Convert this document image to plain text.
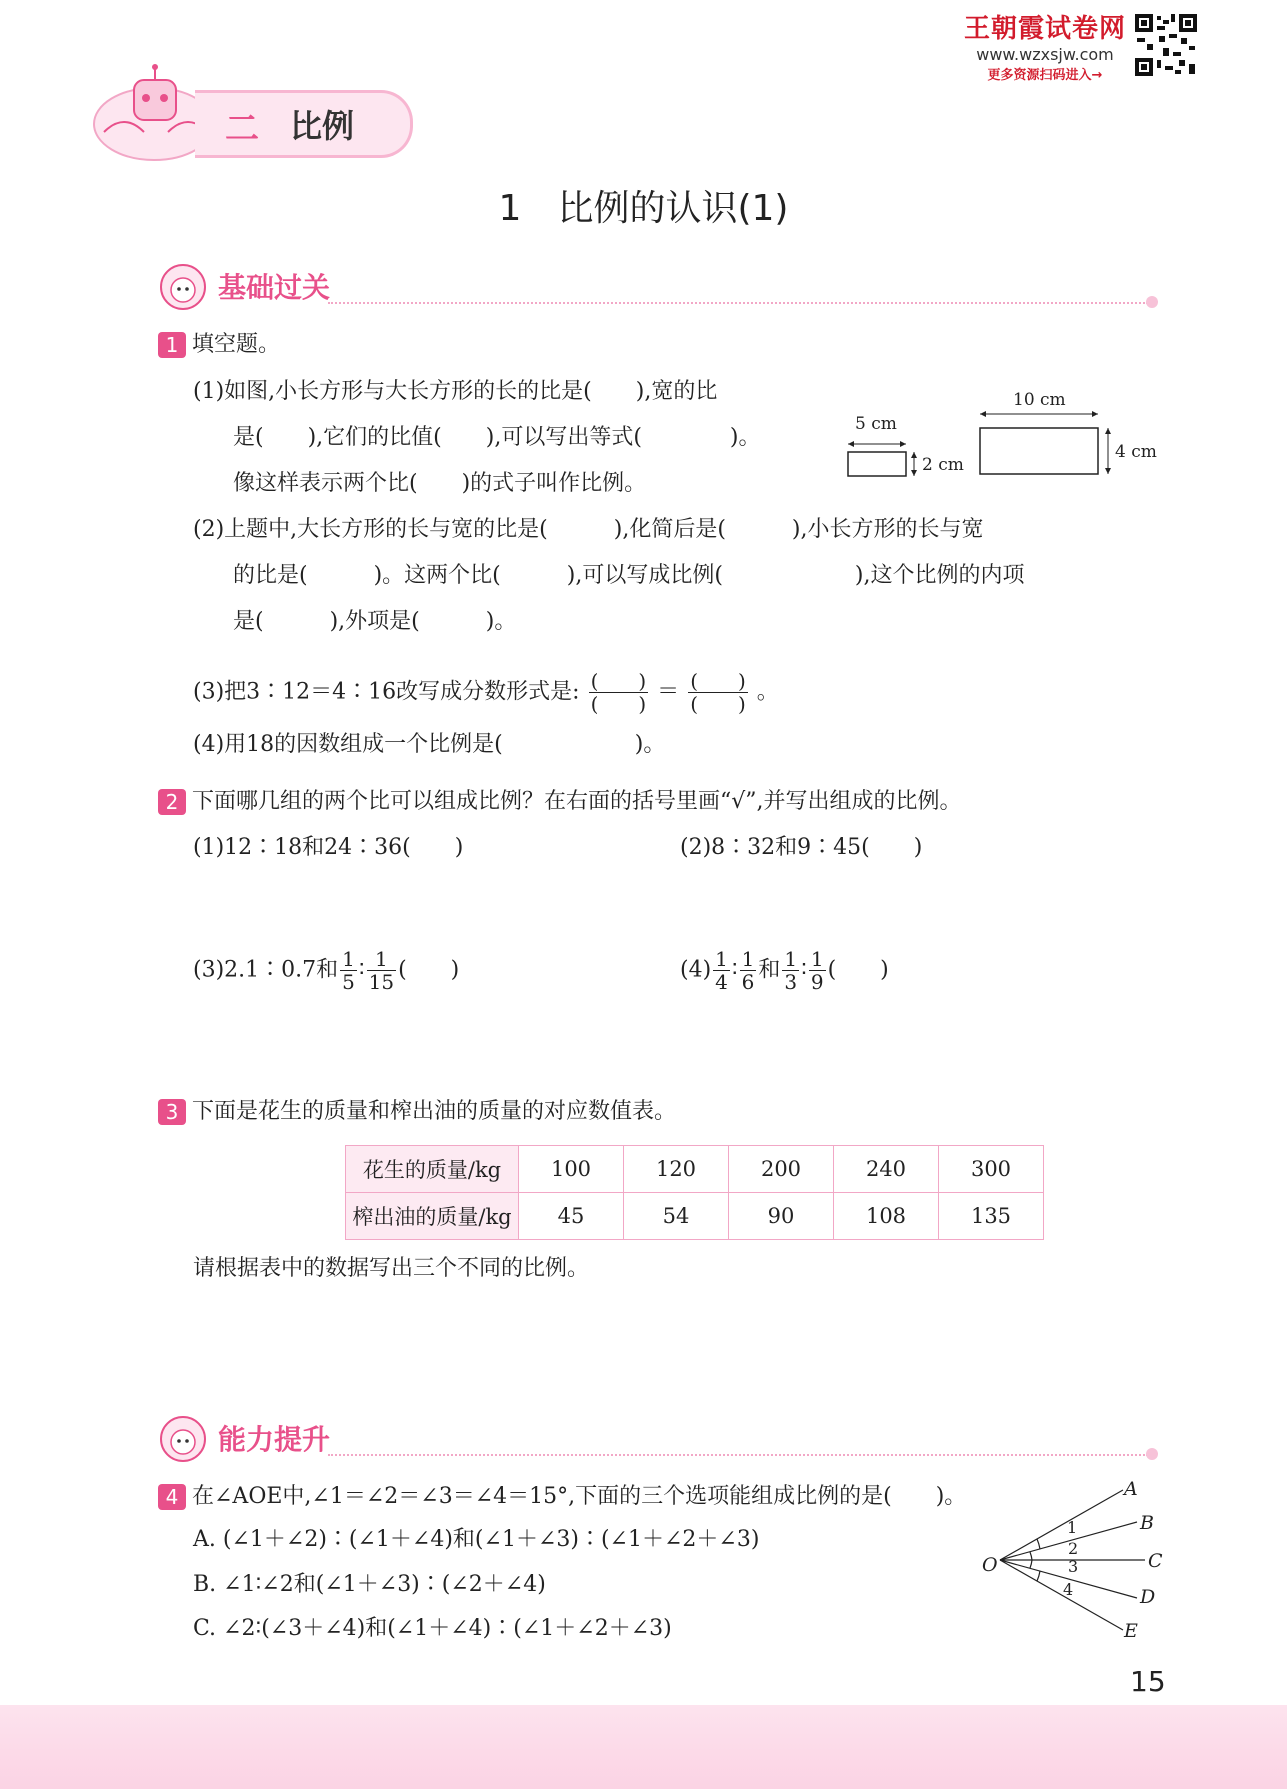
王朝霞试卷网
www.wzxsjw.com
更多资源扫码进入→
二 比例
1　比例的认识(1)
基础过关
1 填空题。
(1)如图,小长方形与大长方形的长的比是(　　),宽的比
是(　　),它们的比值(　　),可以写出等式(　　　　)。
像这样表示两个比(　　)的式子叫作比例。
5 cm
2 cm
10 cm
4 cm
(2)上题中,大长方形的长与宽的比是(　　　),化简后是(　　　),小长方形的长与宽
的比是(　　　)。这两个比(　　　),可以写成比例(　　　　　　),这个比例的内项
是(　　　),外项是(　　　)。
(3)把3∶12＝4∶16改写成分数形式是: $\frac{( )}{( )} = \frac{( )}{( )}$ 。
(4)用18的因数组成一个比例是(　　　　　　)。
2 下面哪几组的两个比可以组成比例？在右面的括号里画“√”,并写出组成的比例。
(1)12∶18和24∶36(　　)	(2)8∶32和9∶45(　　)
(3)2.1∶0.7和 $\frac{1}{5}$ ∶ $\frac{1}{15}$ (　　)	$(4) \frac{1}{4}$ ∶ $\frac{1}{6}$ 和 $\frac{1}{3}$ ∶ $\frac{1}{9}$ (　　)
3 下面是花生的质量和榨出油的质量的对应数值表。
花生的质量/kg	100	120	200	240	300
榨出油的质量/kg	45	54	90	108	135
请根据表中的数据写出三个不同的比例。
能力提升
4 在∠AOE中,∠1＝∠2＝∠3＝∠4＝15°,下面的三个选项能组成比例的是(　　)。
A. (∠1＋∠2)∶(∠1＋∠4)和(∠1＋∠3)∶(∠1＋∠2＋∠3)
B. ∠1∶∠2和(∠1＋∠3)∶(∠2＋∠4)
C. ∠2∶(∠3＋∠4)和(∠1＋∠4)∶(∠1＋∠2＋∠3)
O
A
B
C
D
E
1
2
3
4
15
